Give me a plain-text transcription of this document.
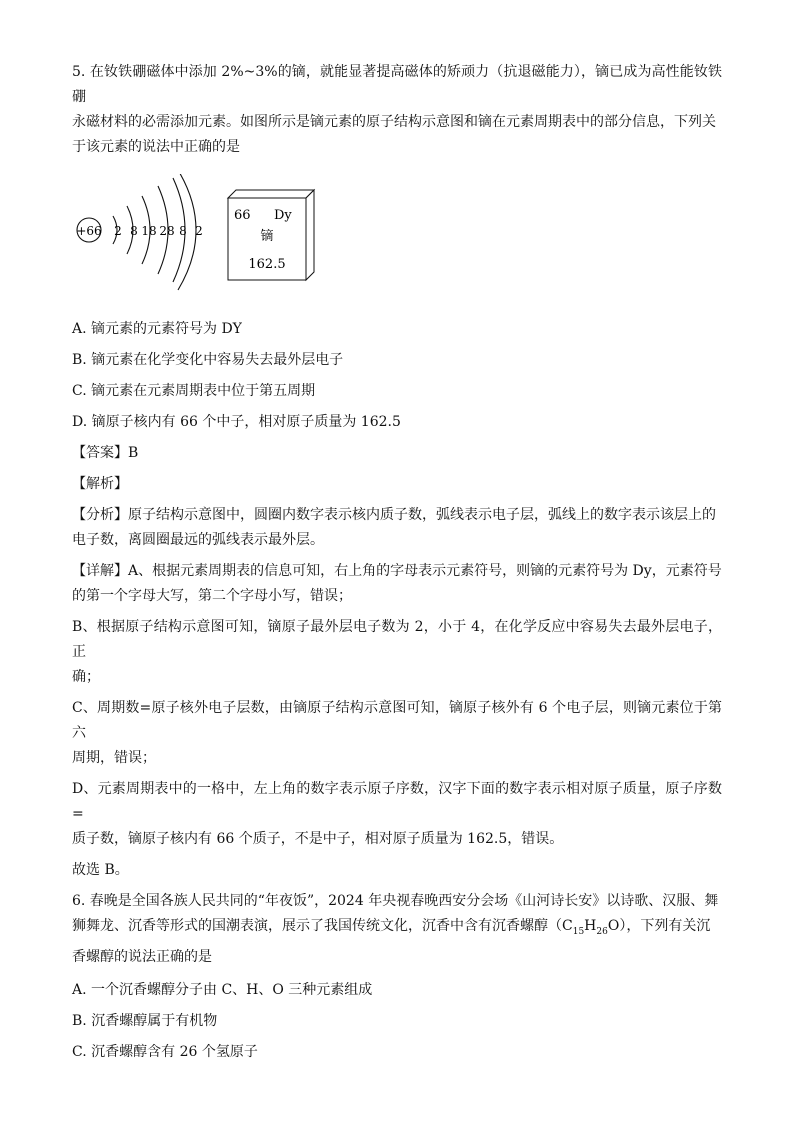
5. 在钕铁硼磁体中添加 2%~3%的镝，就能显著提高磁体的矫顽力（抗退磁能力），镝已成为高性能钕铁硼
永磁材料的必需添加元素。如图所示是镝元素的原子结构示意图和镝在元素周期表中的部分信息，下列关
于该元素的说法中正确的是

+66 2 8 18 28 8 2
66 Dy
镝
162.5

A. 镝元素的元素符号为 DY

B. 镝元素在化学变化中容易失去最外层电子

C. 镝元素在元素周期表中位于第五周期

D. 镝原子核内有 66 个中子，相对原子质量为 162.5

【答案】B

【解析】

【分析】原子结构示意图中，圆圈内数字表示核内质子数，弧线表示电子层，弧线上的数字表示该层上的
电子数，离圆圈最远的弧线表示最外层。

【详解】A、根据元素周期表的信息可知，右上角的字母表示元素符号，则镝的元素符号为 Dy，元素符号
的第一个字母大写，第二个字母小写，错误；

B、根据原子结构示意图可知，镝原子最外层电子数为 2，小于 4，在化学反应中容易失去最外层电子，正
确；

C、周期数=原子核外电子层数，由镝原子结构示意图可知，镝原子核外有 6 个电子层，则镝元素位于第六
周期，错误；

D、元素周期表中的一格中，左上角的数字表示原子序数，汉字下面的数字表示相对原子质量，原子序数=
质子数，镝原子核内有 66 个质子，不是中子，相对原子质量为 162.5，错误。

故选 B。

6. 春晚是全国各族人民共同的“年夜饭”，2024 年央视春晚西安分会场《山河诗长安》以诗歌、汉服、舞
狮舞龙、沉香等形式的国潮表演，展示了我国传统文化，沉香中含有沉香螺醇$(C_{15}H_{26}O)$，下列有关沉
香螺醇的说法正确的是

A. 一个沉香螺醇分子由 C、H、O 三种元素组成

B. 沉香螺醇属于有机物

C. 沉香螺醇含有 26 个氢原子
